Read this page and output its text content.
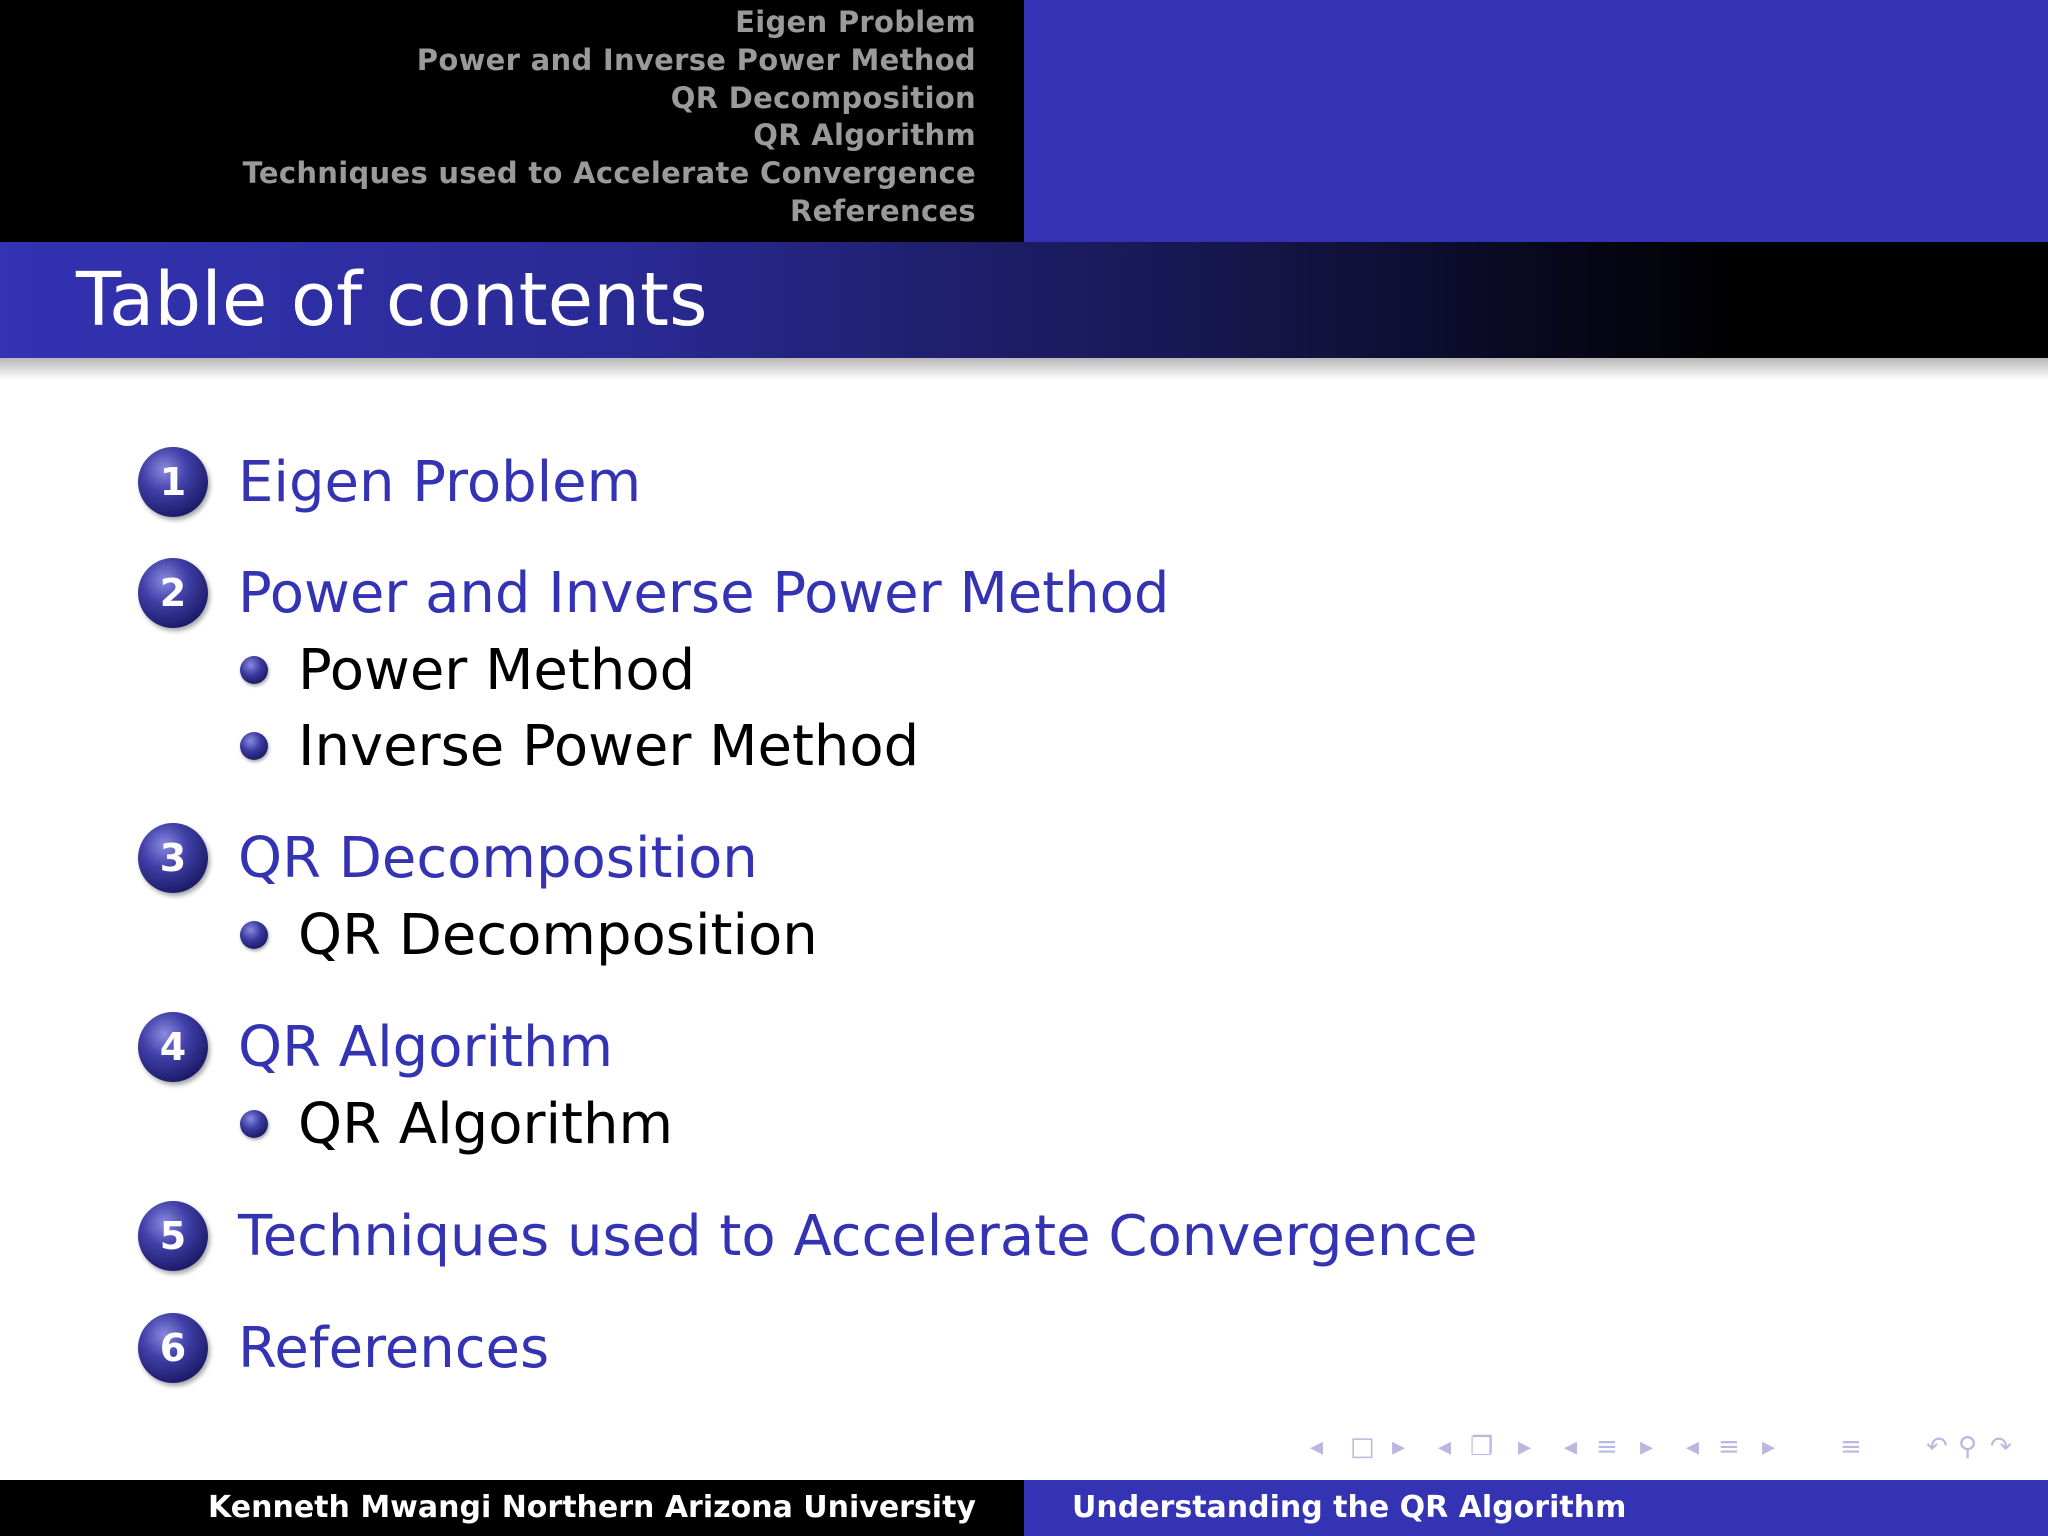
Eigen Problem
Power and Inverse Power Method
QR Decomposition
QR Algorithm
Techniques used to Accelerate Convergence
References
Table of contents
1 Eigen Problem
2 Power and Inverse Power Method
Power Method
Inverse Power Method
3 QR Decomposition
QR Decomposition
4 QR Algorithm
QR Algorithm
5 Techniques used to Accelerate Convergence
6 References
◂ □ ▸ ◂ ❐ ▸ ◂ ≡ ▸ ◂ ≡ ▸ ≡ ↶ ⚲ ↷
Kenneth Mwangi Northern Arizona University	Understanding the QR Algorithm
